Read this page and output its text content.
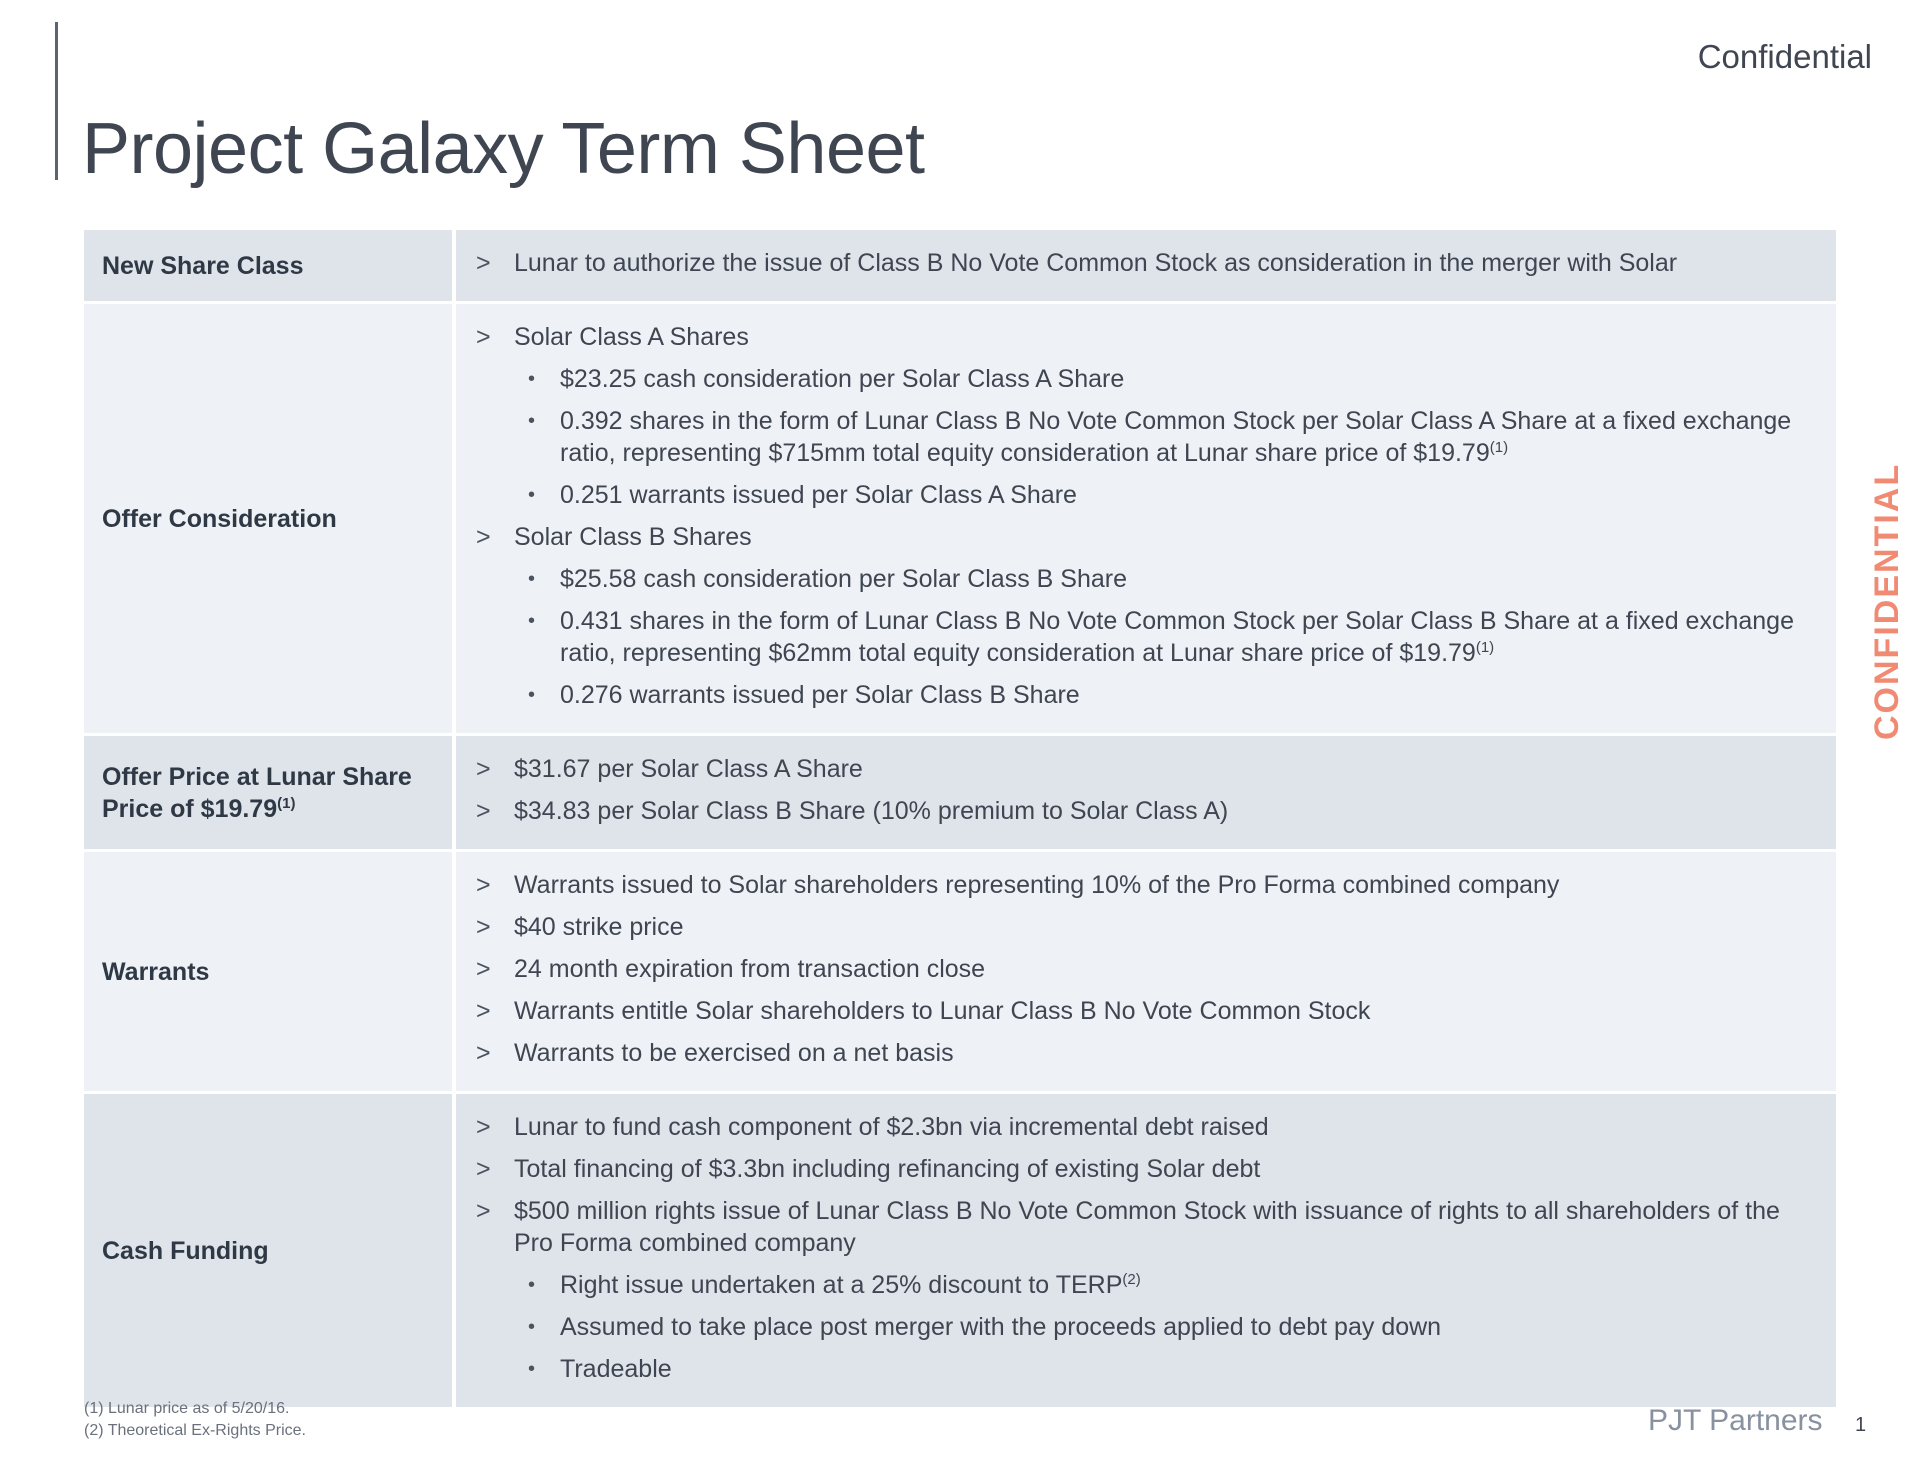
Confidential
Project Galaxy Term Sheet
CONFIDENTIAL
New Share Class	> Lunar to authorize the issue of Class B No Vote Common Stock as consideration in the merger with Solar
Offer Consideration
> Solar Class A Shares
• $23.25 cash consideration per Solar Class A Share
• 0.392 shares in the form of Lunar Class B No Vote Common Stock per Solar Class A Share at a fixed exchange ratio, representing $715mm total equity consideration at Lunar share price of $19.79$^{(1)}$
• 0.251 warrants issued per Solar Class A Share
> Solar Class B Shares
• $25.58 cash consideration per Solar Class B Share
• 0.431 shares in the form of Lunar Class B No Vote Common Stock per Solar Class B Share at a fixed exchange ratio, representing $62mm total equity consideration at Lunar share price of $19.79$^{(1)}$
• 0.276 warrants issued per Solar Class B Share
Offer Price at Lunar Share Price of $\$19.79^{(1)}$
> $31.67 per Solar Class A Share
> $34.83 per Solar Class B Share (10% premium to Solar Class A)
Warrants
> Warrants issued to Solar shareholders representing 10% of the Pro Forma combined company
> $40 strike price
> 24 month expiration from transaction close
> Warrants entitle Solar shareholders to Lunar Class B No Vote Common Stock
> Warrants to be exercised on a net basis
Cash Funding
> Lunar to fund cash component of $2.3bn via incremental debt raised
> Total financing of $3.3bn including refinancing of existing Solar debt
> $500 million rights issue of Lunar Class B No Vote Common Stock with issuance of rights to all shareholders of the Pro Forma combined company
• Right issue undertaken at a 25% discount to TERP$^{(2)}$
• Assumed to take place post merger with the proceeds applied to debt pay down
• Tradeable
(1) Lunar price as of 5/20/16.
(2) Theoretical Ex-Rights Price.	PJT Partners 1
